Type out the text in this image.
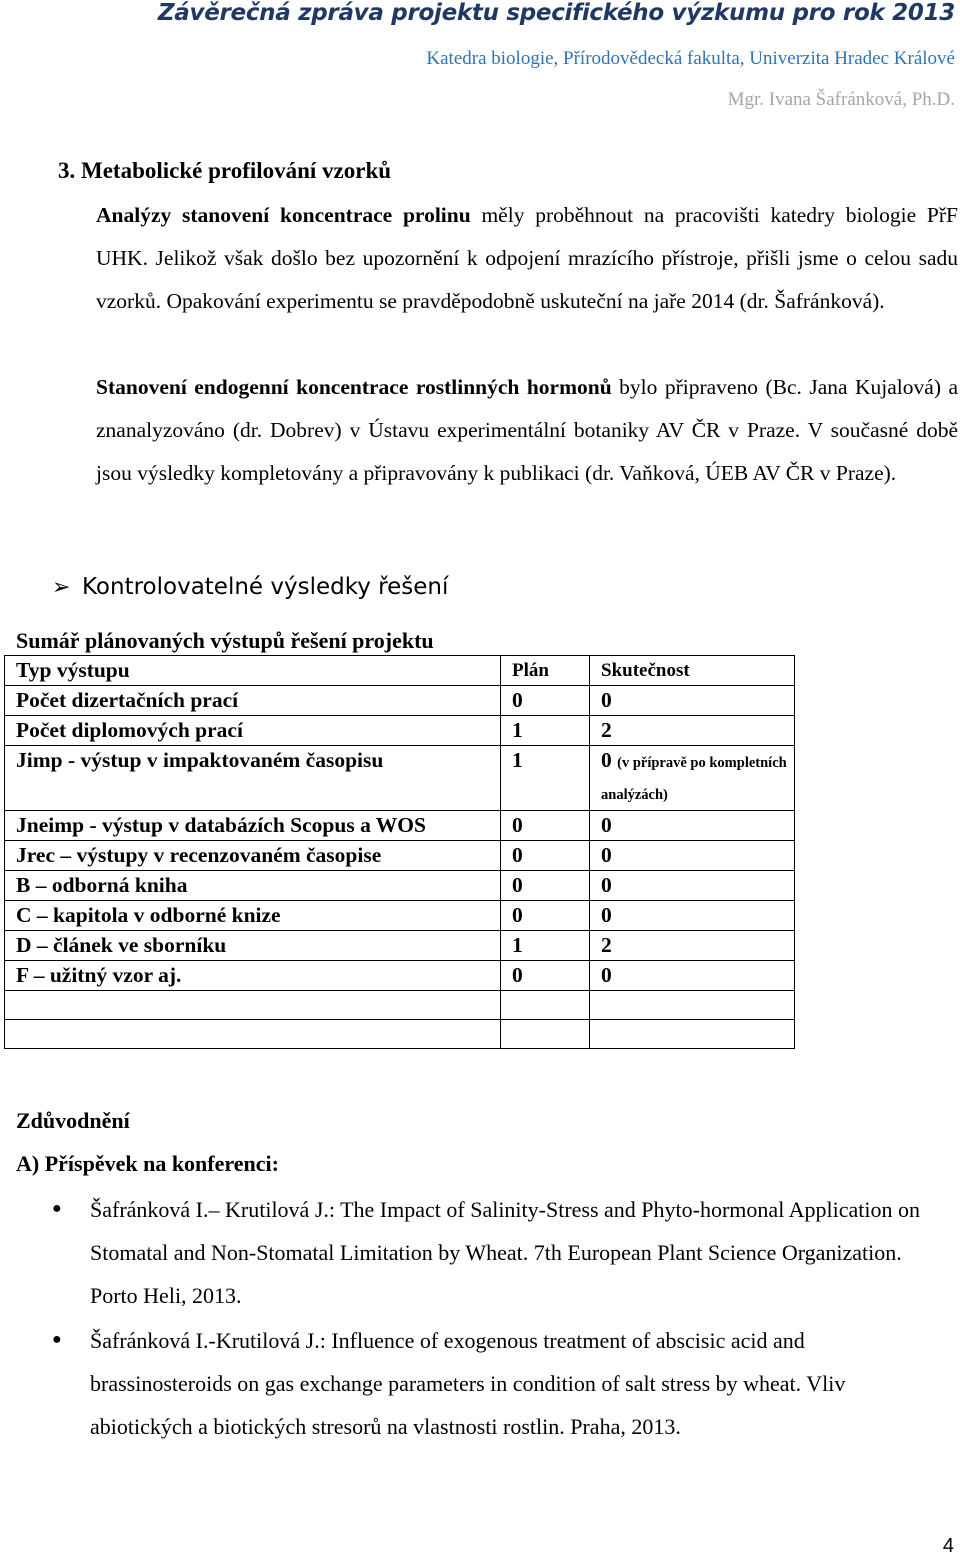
Závěrečná zpráva projektu specifického výzkumu pro rok 2013
Katedra biologie, Přírodovědecká fakulta, Univerzita Hradec Králové
Mgr. Ivana Šafránková, Ph.D.
3. Metabolické profilování vzorků
Analýzy stanovení koncentrace prolinu měly proběhnout na pracovišti katedry biologie PřF UHK. Jelikož však došlo bez upozornění k odpojení mrazícího přístroje, přišli jsme o celou sadu vzorků. Opakování experimentu se pravděpodobně uskuteční na jaře 2014 (dr. Šafránková).
Stanovení endogenní koncentrace rostlinných hormonů bylo připraveno (Bc. Jana Kujalová) a znanalyzováno (dr. Dobrev) v Ústavu experimentální botaniky AV ČR v Praze. V současné době jsou výsledky kompletovány a připravovány k publikaci (dr. Vaňková, ÚEB AV ČR v Praze).
➢ Kontrolovatelné výsledky řešení
Sumář plánovaných výstupů řešení projektu
Typ výstupu	Plán	Skutečnost
Počet dizertačních prací	0	0
Počet diplomových prací	1	2
Jimp - výstup v impaktovaném časopisu	1	0 (v přípravě po kompletních analýzách)
Jneimp - výstup v databázích Scopus a WOS	0	0
Jrec – výstupy v recenzovaném časopise	0	0
B – odborná kniha	0	0
C – kapitola v odborné knize	0	0
D – článek ve sborníku	1	2
F – užitný vzor aj.	0	0

Zdůvodnění
A) Příspěvek na konferenci:
● Šafránková I.– Krutilová J.: The Impact of Salinity-Stress and Phyto-hormonal Application on Stomatal and Non-Stomatal Limitation by Wheat. 7th European Plant Science Organization. Porto Heli, 2013.
● Šafránková I.-Krutilová J.: Influence of exogenous treatment of abscisic acid and brassinosteroids on gas exchange parameters in condition of salt stress by wheat. Vliv abiotických a biotických stresorů na vlastnosti rostlin. Praha, 2013.
4
